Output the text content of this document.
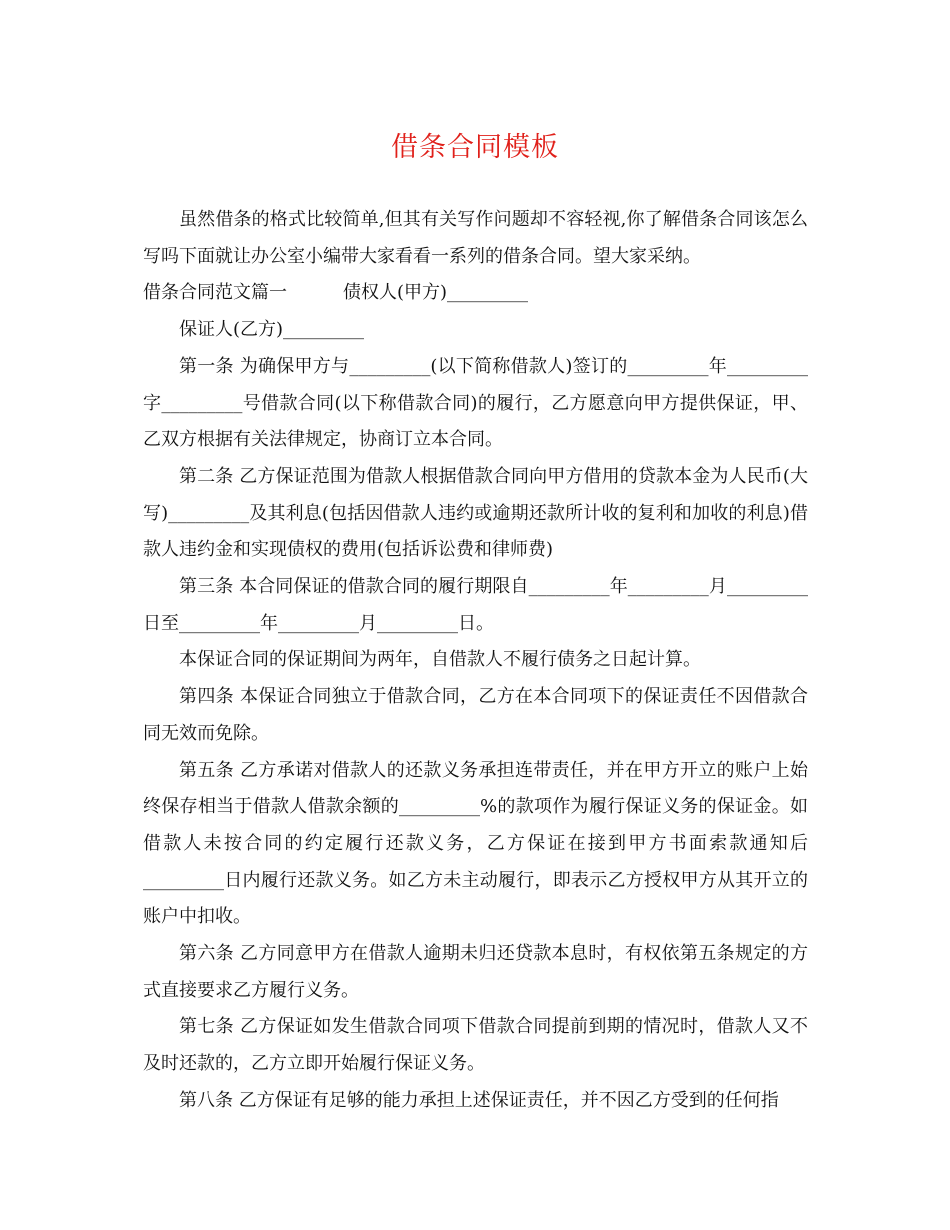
借条合同模板

虽然借条的格式比较简单,但其有关写作问题却不容轻视,你了解借条合同该怎么写吗下面就让办公室小编带大家看看一系列的借条合同。望大家采纳。

借条合同范文篇一	债权人(甲方)_________

保证人(乙方)_________

第一条 为确保甲方与_________(以下简称借款人)签订的_________年_________字_________号借款合同(以下称借款合同)的履行，乙方愿意向甲方提供保证，甲、乙双方根据有关法律规定，协商订立本合同。

第二条 乙方保证范围为借款人根据借款合同向甲方借用的贷款本金为人民币(大写)_________及其利息(包括因借款人违约或逾期还款所计收的复利和加收的利息)借款人违约金和实现债权的费用(包括诉讼费和律师费)

第三条 本合同保证的借款合同的履行期限自_________年_________月_________日至_________年_________月_________日。

本保证合同的保证期间为两年，自借款人不履行债务之日起计算。

第四条 本保证合同独立于借款合同，乙方在本合同项下的保证责任不因借款合同无效而免除。

第五条 乙方承诺对借款人的还款义务承担连带责任，并在甲方开立的账户上始终保存相当于借款人借款余额的_________%的款项作为履行保证义务的保证金。如借款人未按合同的约定履行还款义务，乙方保证在接到甲方书面索款通知后_________日内履行还款义务。如乙方未主动履行，即表示乙方授权甲方从其开立的账户中扣收。

第六条 乙方同意甲方在借款人逾期未归还贷款本息时，有权依第五条规定的方式直接要求乙方履行义务。

第七条 乙方保证如发生借款合同项下借款合同提前到期的情况时，借款人又不及时还款的，乙方立即开始履行保证义务。

第八条 乙方保证有足够的能力承担上述保证责任，并不因乙方受到的任何指
